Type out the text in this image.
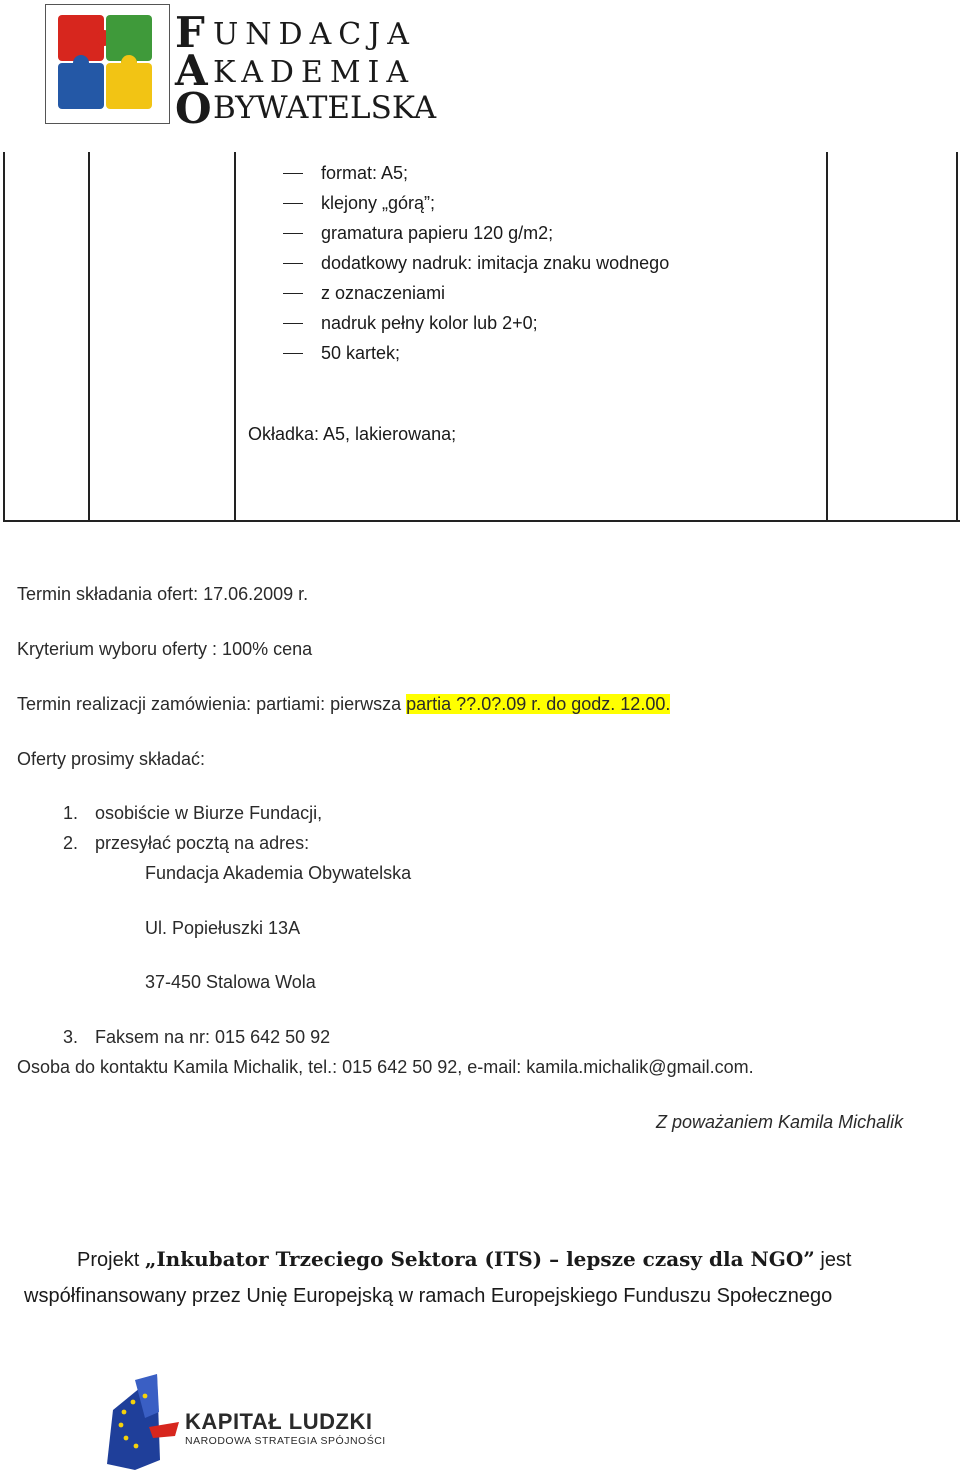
F UNDACJA
A KADEMIA
O BYWATELSKA
format: A5;
klejony „górą”;
gramatura papieru 120 g/m2;
dodatkowy nadruk: imitacja znaku wodnego
z oznaczeniami
nadruk pełny kolor lub 2+0;
50 kartek;
Okładka: A5, lakierowana;
Termin składania ofert: 17.06.2009 r.
Kryterium wyboru oferty : 100% cena
Termin realizacji zamówienia: partiami: pierwsza partia ??.0?.09 r. do godz. 12.00.
Oferty prosimy składać:
1. osobiście w Biurze Fundacji,
2. przesyłać pocztą na adres:
Fundacja Akademia Obywatelska
Ul. Popiełuszki 13A
37-450 Stalowa Wola
3. Faksem na nr: 015 642 50 92
Osoba do kontaktu Kamila Michalik, tel.: 015 642 50 92, e-mail: kamila.michalik@gmail.com.
Z poważaniem Kamila Michalik
Projekt „Inkubator Trzeciego Sektora (ITS) – lepsze czasy dla NGO” jest
współfinansowany przez Unię Europejską w ramach Europejskiego Funduszu Społecznego
KAPITAŁ LUDZKI
NARODOWA STRATEGIA SPÓJNOŚCI
